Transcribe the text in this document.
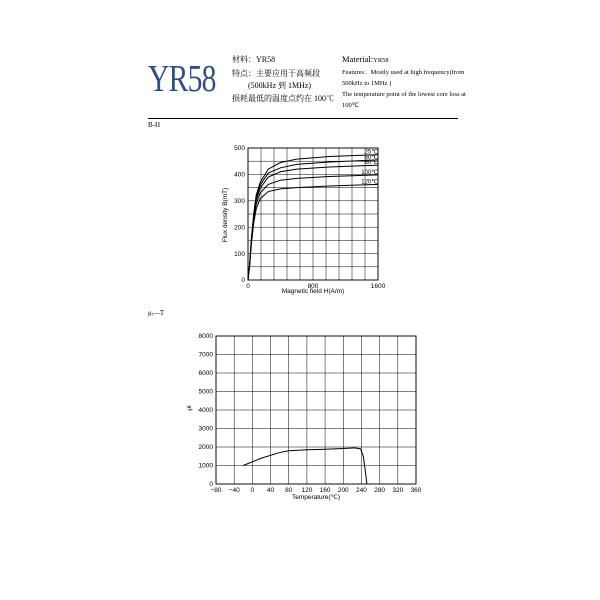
YR58 材料：YR58
特点：主要应用于高频段
(500kHz 到 1MHz)
损耗最低的温度点约在 100℃
Material:YR58
Features：Mostly used at high frequency(from
500kHz to 1MHz )
The temperature point of the lowest core loss at
100℃
B-H
μᵢ—T
0	800	1600
0
100
200
300
400
500
25℃
60℃
80℃
100℃
120℃
Magnetic field H(A/m)
Flux density B(mT)
−80 −40 0 40 80 120 160 200 240 280 320 360
0
1000
2000
3000
4000
5000
6000
7000
8000
Temperature(℃)
μi
